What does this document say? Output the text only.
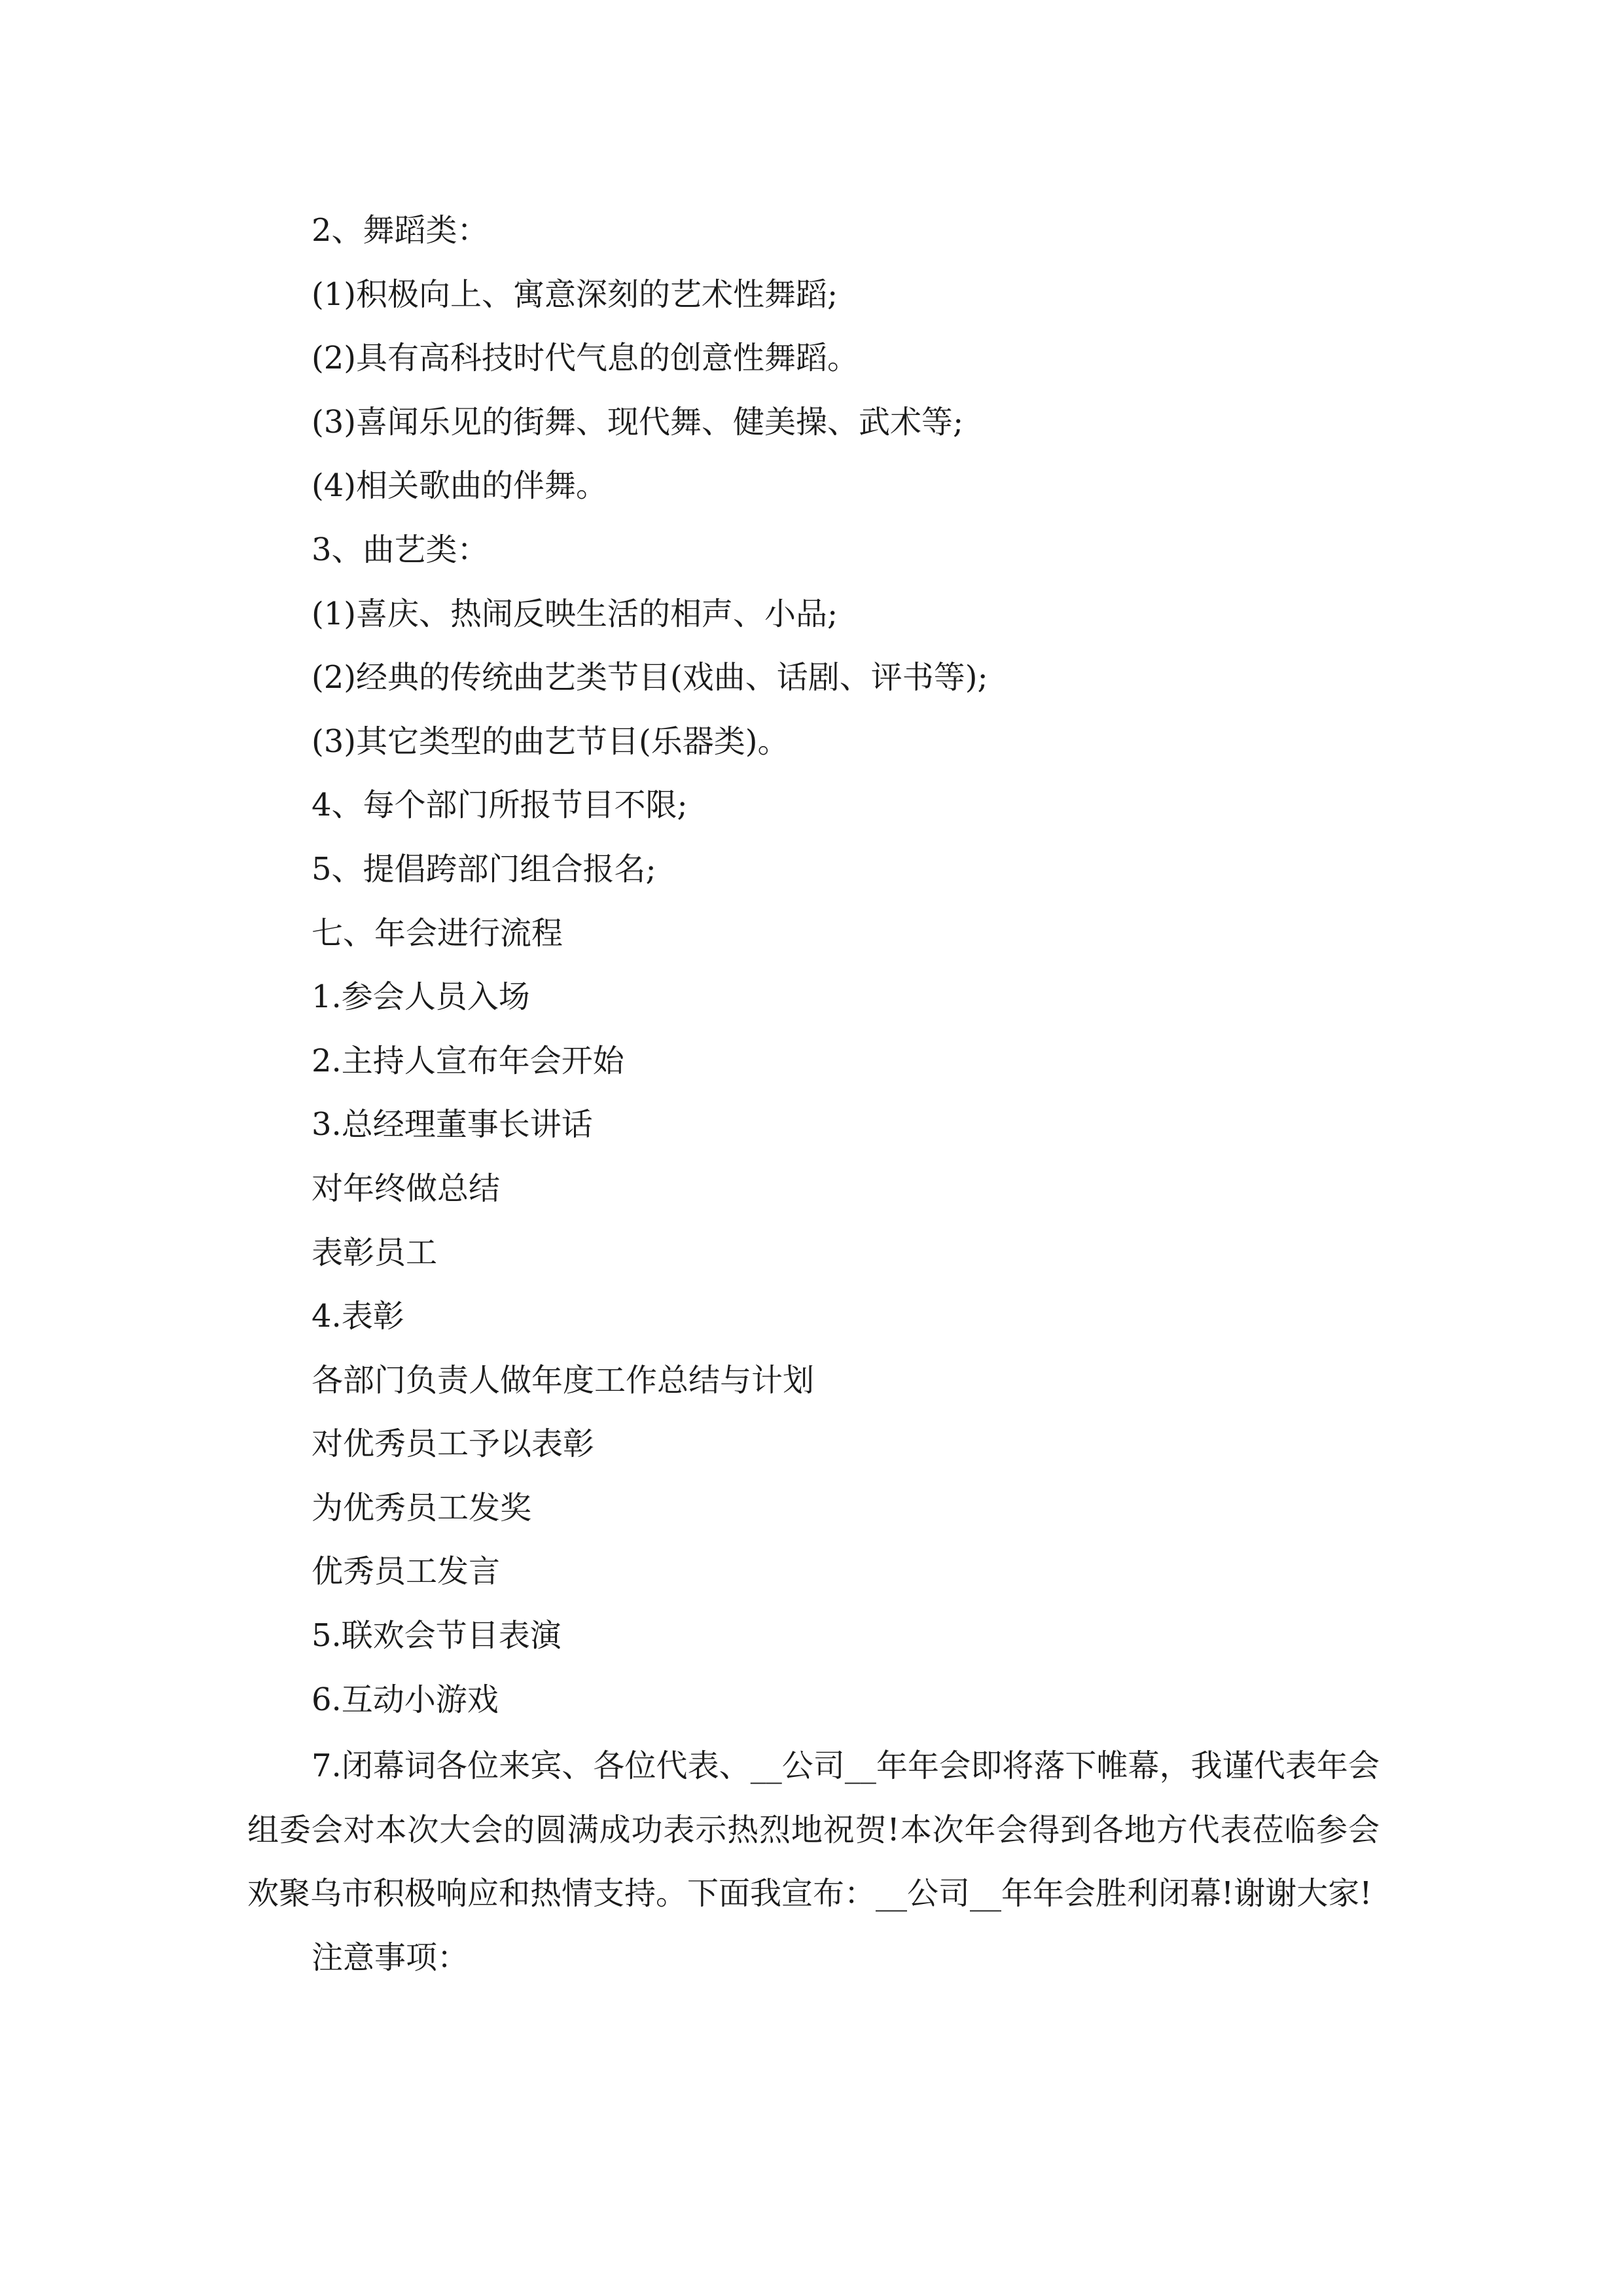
2、舞蹈类：
(1)积极向上、寓意深刻的艺术性舞蹈;
(2)具有高科技时代气息的创意性舞蹈。
(3)喜闻乐见的街舞、现代舞、健美操、武术等;
(4)相关歌曲的伴舞。
3、曲艺类：
(1)喜庆、热闹反映生活的相声、小品;
(2)经典的传统曲艺类节目(戏曲、话剧、评书等);
(3)其它类型的曲艺节目(乐器类)。
4、每个部门所报节目不限;
5、提倡跨部门组合报名;
七、年会进行流程
1.参会人员入场
2.主持人宣布年会开始
3.总经理董事长讲话
对年终做总结
表彰员工
4.表彰
各部门负责人做年度工作总结与计划
对优秀员工予以表彰
为优秀员工发奖
优秀员工发言
5.联欢会节目表演
6.互动小游戏
7.闭幕词各位来宾、各位代表、__公司__年年会即将落下帷幕，我谨代表年会组委会对本次大会的圆满成功表示热烈地祝贺!本次年会得到各地方代表莅临参会欢聚乌市积极响应和热情支持。下面我宣布：__公司__年年会胜利闭幕!谢谢大家!
注意事项：
